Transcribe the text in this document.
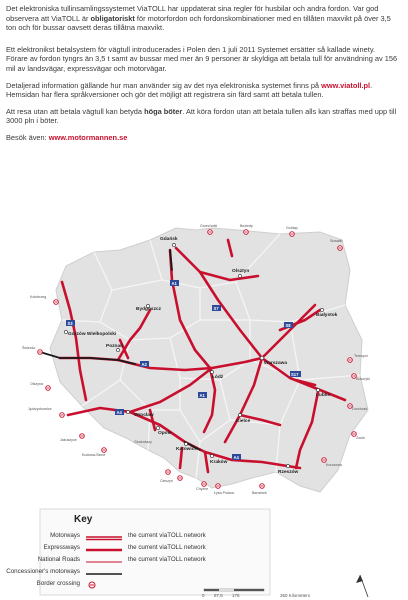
Det elektroniska tullinsamlingssystemet ViaTOLL har uppdaterat sina regler för husbilar och andra fordon. Var god observera att ViaTOLL är obligatoriskt för motorfordon och fordonskombinationer med en tillåten maxvikt på över 3,5 ton och för bussar oavsett deras tillåtna maxvikt.

Ett elektronikst betalsystem för vägtull introducerades i Polen den 1 juli 2011 Systemet ersätter så kallade winety. Förare av fordon tyngrs än 3,5 t samt av bussar med mer än 9 personer är skyldiga att betala tull för användning av 156 mil av landsvägar, expressvägar och motorvägar.

Detaljerad information gällande hur man använder sig av det nya elektroniska systemet finns på www.viatoll.pl. Hemsidan har flera språkversioner och gör det möjligt att registrera sin färd samt att betala tullen.

Att resa utan att betala vägtull kan betyda höga böter. Att köra fordon utan att betala tullen alls kan straffas med upp till 3000 pln i böter.

Besök även: www.motormannen.se

A1
A2
A4
S3
S7
S8
S17
A4
A1
Gdańsk
Olsztyn
Bydgoszcz
Gorzów Wielkopolski
Poznań
Białystok
Warszawa
Łódź
Wrocław
Kielce
Lublin
Opole
Katowice
Kraków
Rzeszów
Goldap
Suwałki
Grzechotki	Bezledy
Kołobrzeg
Świecko
Olszyna
Jędrzychowice
Jakuszyce
Kudowa-Słone
Cieszyn
Chyżne
Głuchołazy
Zosin
Terespol
Kukuryki
Dorohusk
Korczowa
Barwinek
Łysa Polana
Key
Motorways	the current viaTOLL network
Expressways	the current viaTOLL network
National Roads	the current viaTOLL network
Concessioner's motorways
Border crossing
0 87,5 175	350 Kilometers
